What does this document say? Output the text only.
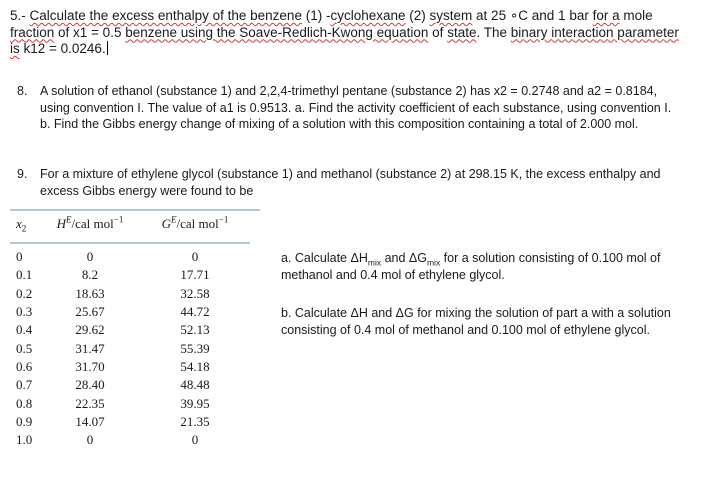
5.- Calculate the excess enthalpy of the benzene (1) -cyclohexane (2) system at 25 ∘C and 1 bar for a mole fraction of x1 = 0.5 benzene using the Soave-Redlich-Kwong equation of state. The binary interaction parameter is k12 = 0.0246.
8. A solution of ethanol (substance 1) and 2,2,4-trimethyl pentane (substance 2) has x2 = 0.2748 and a2 = 0.8184, using convention I. The value of a1 is 0.9513. a. Find the activity coefficient of each substance, using convention I. b. Find the Gibbs energy change of mixing of a solution with this composition containing a total of 2.000 mol.
9. For a mixture of ethylene glycol (substance 1) and methanol (substance 2) at 298.15 K, the excess enthalpy and excess Gibbs energy were found to be
$x_2$	$H^E$/cal mol$^{-1}$	$G^E$/cal mol$^{-1}$

0	0	0
0.1	8.2	17.71
0.2	18.63	32.58
0.3	25.67	44.72
0.4	29.62	52.13
0.5	31.47	55.39
0.6	31.70	54.18
0.7	28.40	48.48
0.8	22.35	39.95
0.9	14.07	21.35
1.0	0	0

a. Calculate $\Delta H_{mix}$ and $\Delta G_{mix}$ for a solution consisting of 0.100 mol of methanol and 0.4 mol of ethylene glycol.

b. Calculate ΔH and ΔG for mixing the solution of part a with a solution consisting of 0.4 mol of methanol and 0.100 mol of ethylene glycol.
